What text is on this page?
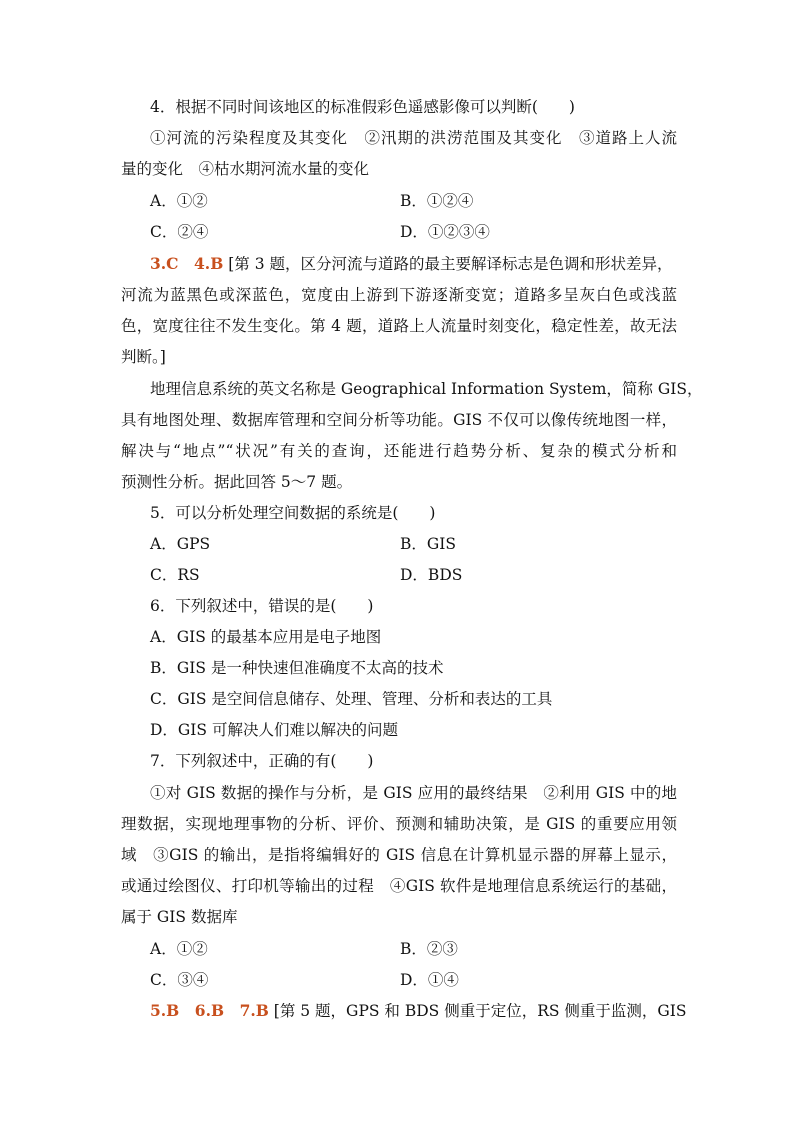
4．根据不同时间该地区的标准假彩色遥感影像可以判断(　　)
①河流的污染程度及其变化　②汛期的洪涝范围及其变化　③道路上人流
量的变化　④枯水期河流水量的变化
A．①②	B．①②④
C．②④	D．①②③④
3.C　4.B [第 3 题，区分河流与道路的最主要解译标志是色调和形状差异，
河流为蓝黑色或深蓝色，宽度由上游到下游逐渐变宽；道路多呈灰白色或浅蓝
色，宽度往往不发生变化。第 4 题，道路上人流量时刻变化，稳定性差，故无法
判断。]
地理信息系统的英文名称是 Geographical Information System，简称 GIS，
具有地图处理、数据库管理和空间分析等功能。GIS 不仅可以像传统地图一样，
解决与“地点”“状况”有关的查询，还能进行趋势分析、复杂的模式分析和
预测性分析。据此回答 5～7 题。
5．可以分析处理空间数据的系统是(　　)
A．GPS	B．GIS
C．RS	D．BDS
6．下列叙述中，错误的是(　　)
A．GIS 的最基本应用是电子地图
B．GIS 是一种快速但准确度不太高的技术
C．GIS 是空间信息储存、处理、管理、分析和表达的工具
D．GIS 可解决人们难以解决的问题
7．下列叙述中，正确的有(　　)
①对 GIS 数据的操作与分析，是 GIS 应用的最终结果　②利用 GIS 中的地
理数据，实现地理事物的分析、评价、预测和辅助决策，是 GIS 的重要应用领
域　③GIS 的输出，是指将编辑好的 GIS 信息在计算机显示器的屏幕上显示，
或通过绘图仪、打印机等输出的过程　④GIS 软件是地理信息系统运行的基础，
属于 GIS 数据库
A．①②	B．②③
C．③④	D．①④
5.B　6.B　7.B [第 5 题，GPS 和 BDS 侧重于定位，RS 侧重于监测，GIS
